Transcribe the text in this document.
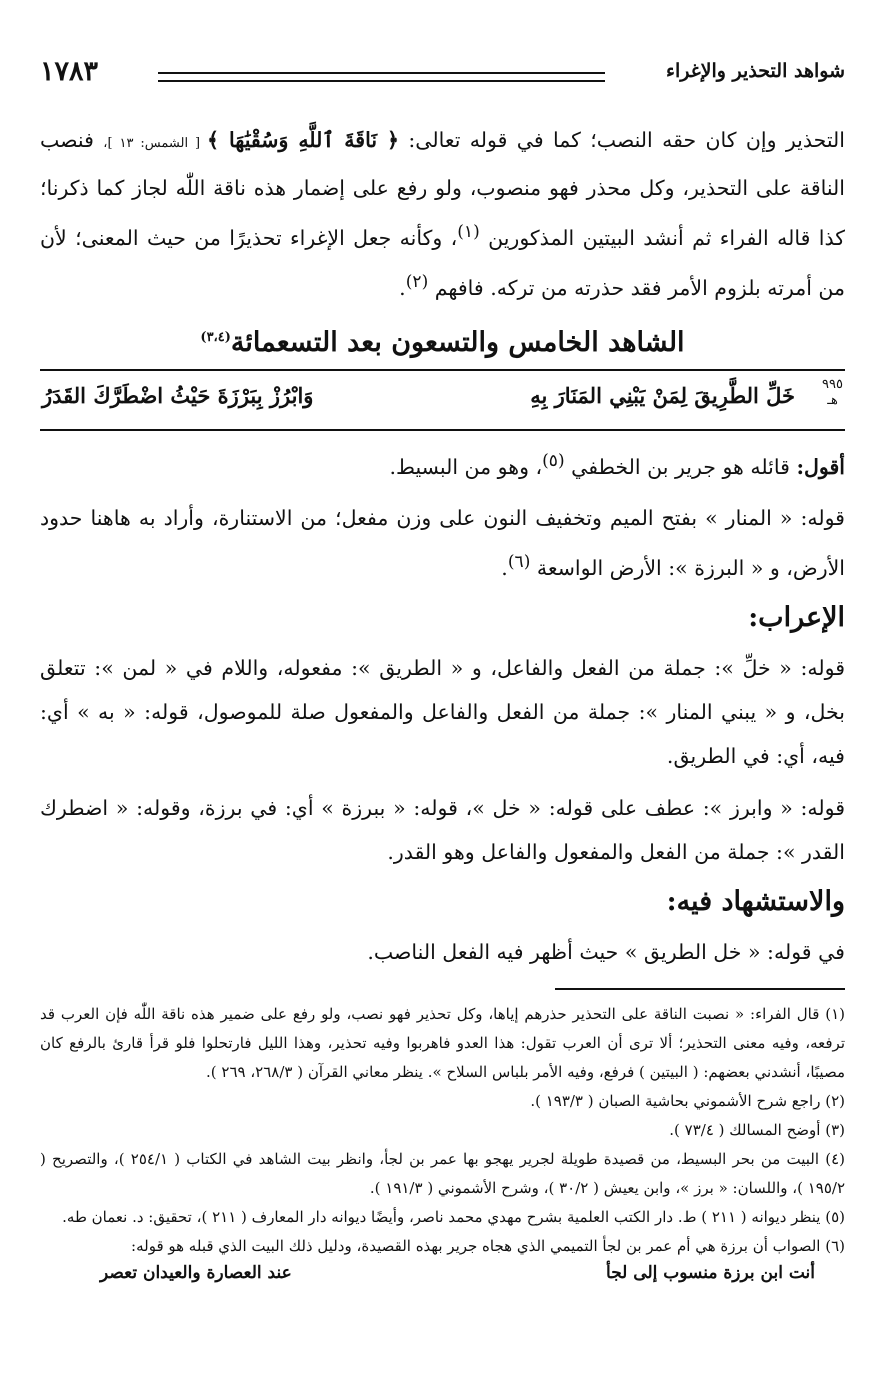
شواهد التحذير والإغراء
١٧٨٣

التحذير وإن كان حقه النصب؛ كما في قوله تعالى: ﴿ نَاقَةَ ٱللَّهِ وَسُقْيَٰهَا ﴾ [ الشمس: ١٣ ]، فنصب الناقة على التحذير، وكل محذر فهو منصوب، ولو رفع على إضمار هذه ناقة اللّٰه لجاز كما ذكرنا؛ كذا قاله الفراء ثم أنشد البيتين المذكورين $^{(١)}$، وكأنه جعل الإغراء تحذيرًا من حيث المعنى؛ لأن من أمرته بلزوم الأمر فقد حذرته من تركه. فافهم $^{(٢)}$.

الشاهد الخامس والتسعون بعد التسعمائة$^{(٣،٤)}$
٩٩٥
هـ
خَلِّ الطَّرِيقَ لِمَنْ يَبْنِي المَنَارَ بِهِ
وَابْرُزْ بِبَرْزَةَ حَيْثُ اضْطَرَّكَ القَدَرُ

أقول: قائله هو جرير بن الخطفي $^{(٥)}$، وهو من البسيط.

قوله: « المنار » بفتح الميم وتخفيف النون على وزن مفعل؛ من الاستنارة، وأراد به هاهنا حدود الأرض، و « البرزة »: الأرض الواسعة $^{(٦)}$.

الإعراب:

قوله: « خلِّ »: جملة من الفعل والفاعل، و « الطريق »: مفعوله، واللام في « لمن »: تتعلق بخل، و « يبني المنار »: جملة من الفعل والفاعل والمفعول صلة للموصول، قوله: « به » أي: فيه، أي: في الطريق.

قوله: « وابرز »: عطف على قوله: « خل »، قوله: « ببرزة » أي: في برزة، وقوله: « اضطرك القدر »: جملة من الفعل والمفعول والفاعل وهو القدر.

والاستشهاد فيه:

في قوله: « خل الطريق » حيث أظهر فيه الفعل الناصب.

(١) قال الفراء: « نصبت الناقة على التحذير حذرهم إياها، وكل تحذير فهو نصب، ولو رفع على ضمير هذه ناقة اللّٰه فإن العرب قد ترفعه، وفيه معنى التحذير؛ ألا ترى أن العرب تقول: هذا العدو فاهربوا وفيه تحذير، وهذا الليل فارتحلوا فلو قرأ قارئ بالرفع كان مصيبًا، أنشدني بعضهم: ( البيتين ) فرفع، وفيه الأمر بلباس السلاح ». ينظر معاني القرآن ( ٢٦٨/٣، ٢٦٩ ).

(٢) راجع شرح الأشموني بحاشية الصبان ( ١٩٣/٣ ).

(٣) أوضح المسالك ( ٧٣/٤ ).

(٤) البيت من بحر البسيط، من قصيدة طويلة لجرير يهجو بها عمر بن لجأ، وانظر بيت الشاهد في الكتاب ( ٢٥٤/١ )، والتصريح ( ١٩٥/٢ )، واللسان: « برز »، وابن يعيش ( ٣٠/٢ )، وشرح الأشموني ( ١٩١/٣ ).

(٥) ينظر ديوانه ( ٢١١ ) ط. دار الكتب العلمية بشرح مهدي محمد ناصر، وأيضًا ديوانه دار المعارف ( ٢١١ )، تحقيق: د. نعمان طه.

(٦) الصواب أن برزة هي أم عمر بن لجأ التميمي الذي هجاه جرير بهذه القصيدة، ودليل ذلك البيت الذي قبله هو قوله:

أنت ابن برزة منسوب إلى لجأ
عند العصارة والعيدان تعصر
